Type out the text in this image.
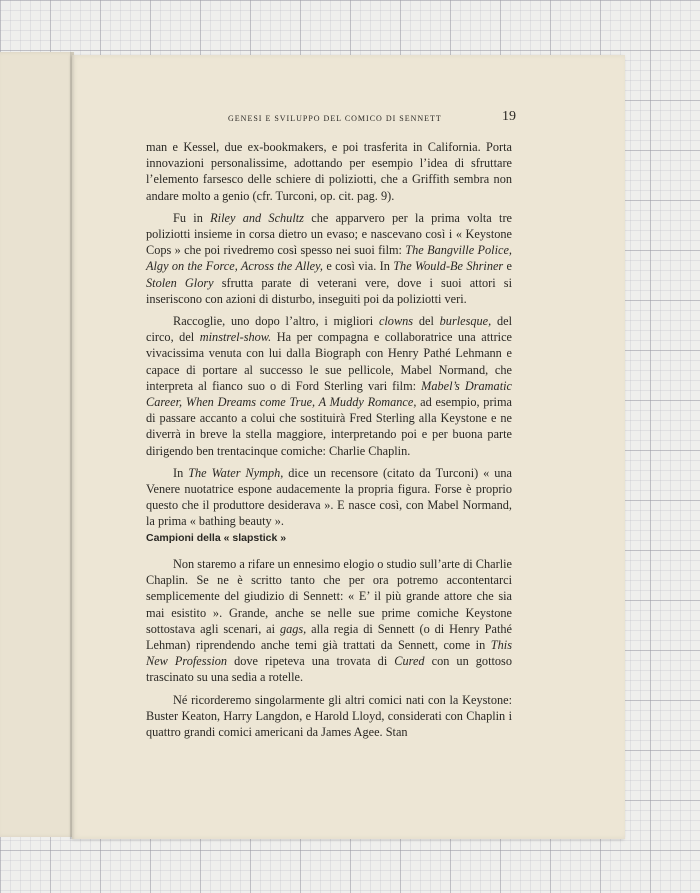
GENESI E SVILUPPO DEL COMICO DI SENNETT	19

man e Kessel, due ex-bookmakers, e poi trasferita in California. Porta innovazioni personalissime, adottando per esempio l’idea di sfruttare l’elemento farsesco delle schiere di poliziotti, che a Griffith sembra non andare molto a genio (cfr. Turconi, op. cit. pag. 9).

Fu in Riley and Schultz che apparvero per la prima volta tre poliziotti insieme in corsa dietro un evaso; e nascevano così i « Keystone Cops » che poi rivedremo così spesso nei suoi film: The Bangville Police, Algy on the Force, Across the Alley, e così via. In The Would-Be Shriner e Stolen Glory sfrutta parate di veterani vere, dove i suoi attori si inseriscono con azioni di disturbo, inseguiti poi da poliziotti veri.

Raccoglie, uno dopo l’altro, i migliori clowns del burlesque, del circo, del minstrel-show. Ha per compagna e collaboratrice una attrice vivacissima venuta con lui dalla Biograph con Henry Pathé Lehmann e capace di portare al successo le sue pellicole, Mabel Normand, che interpreta al fianco suo o di Ford Sterling vari film: Mabel’s Dramatic Career, When Dreams come True, A Muddy Romance, ad esempio, prima di passare accanto a colui che sostituirà Fred Sterling alla Keystone e ne diverrà in breve la stella maggiore, interpretando poi e per buona parte dirigendo ben trentacinque comiche: Charlie Chaplin.

In The Water Nymph, dice un recensore (citato da Turconi) « una Venere nuotatrice espone audacemente la propria figura. Forse è proprio questo che il produttore desiderava ». E nasce così, con Mabel Normand, la prima « bathing beauty ».

Campioni della « slapstick »

Non staremo a rifare un ennesimo elogio o studio sull’arte di Charlie Chaplin. Se ne è scritto tanto che per ora potremo accontentarci semplicemente del giudizio di Sennett: « E’ il più grande attore che sia mai esistito ». Grande, anche se nelle sue prime comiche Keystone sottostava agli scenari, ai gags, alla regia di Sennett (o di Henry Pathé Lehman) riprendendo anche temi già trattati da Sennett, come in This New Profession dove ripeteva una trovata di Cured con un gottoso trascinato su una sedia a rotelle.

Né ricorderemo singolarmente gli altri comici nati con la Keystone: Buster Keaton, Harry Langdon, e Harold Lloyd, considerati con Chaplin i quattro grandi comici americani da James Agee. Stan
